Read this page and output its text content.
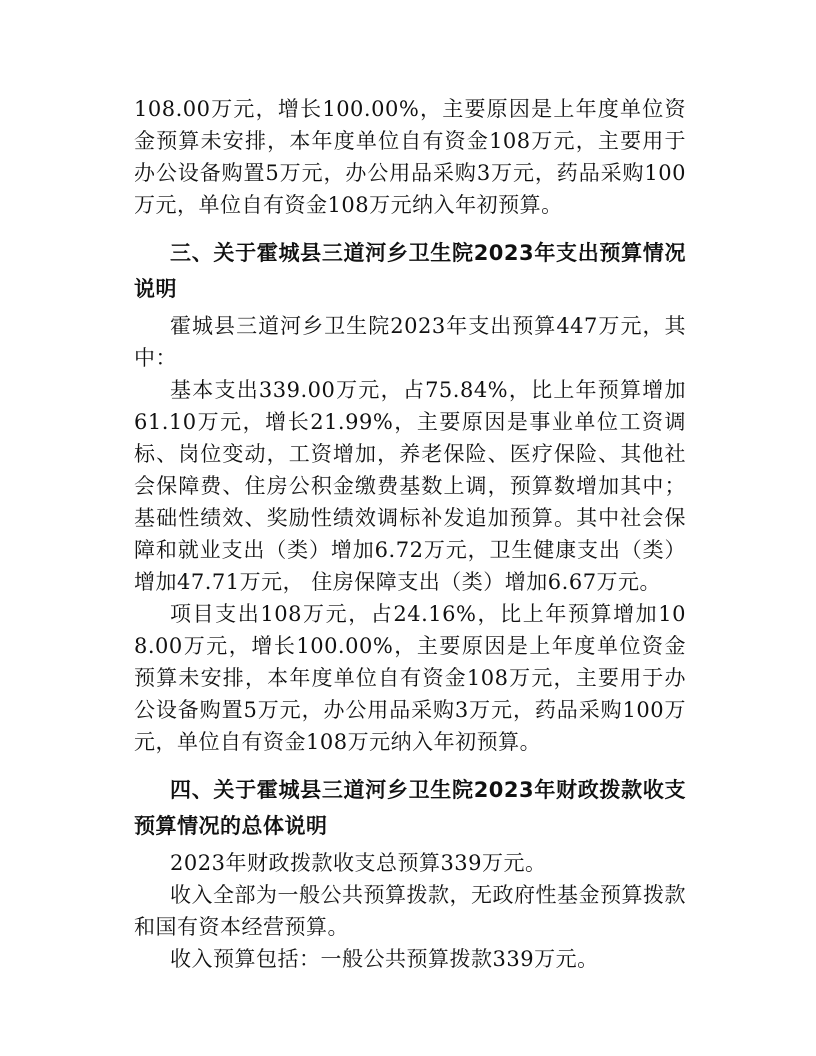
108.00万元，增长100.00%，主要原因是上年度单位资金预算未安排，本年度单位自有资金108万元，主要用于办公设备购置5万元，办公用品采购3万元，药品采购100万元，单位自有资金108万元纳入年初预算。

三、关于霍城县三道河乡卫生院2023年支出预算情况说明

霍城县三道河乡卫生院2023年支出预算447万元，其中：

基本支出339.00万元，占75.84%，比上年预算增加61.10万元，增长21.99%，主要原因是事业单位工资调标、岗位变动，工资增加，养老保险、医疗保险、其他社会保障费、住房公积金缴费基数上调，预算数增加其中；基础性绩效、奖励性绩效调标补发追加预算。其中社会保障和就业支出（类）增加6.72万元，卫生健康支出（类）增加47.71万元， 住房保障支出（类）增加6.67万元。

项目支出108万元，占24.16%，比上年预算增加108.00万元，增长100.00%，主要原因是上年度单位资金预算未安排，本年度单位自有资金108万元，主要用于办公设备购置5万元，办公用品采购3万元，药品采购100万元，单位自有资金108万元纳入年初预算。

四、关于霍城县三道河乡卫生院2023年财政拨款收支预算情况的总体说明

2023年财政拨款收支总预算339万元。

收入全部为一般公共预算拨款，无政府性基金预算拨款和国有资本经营预算。

收入预算包括：一般公共预算拨款339万元。
